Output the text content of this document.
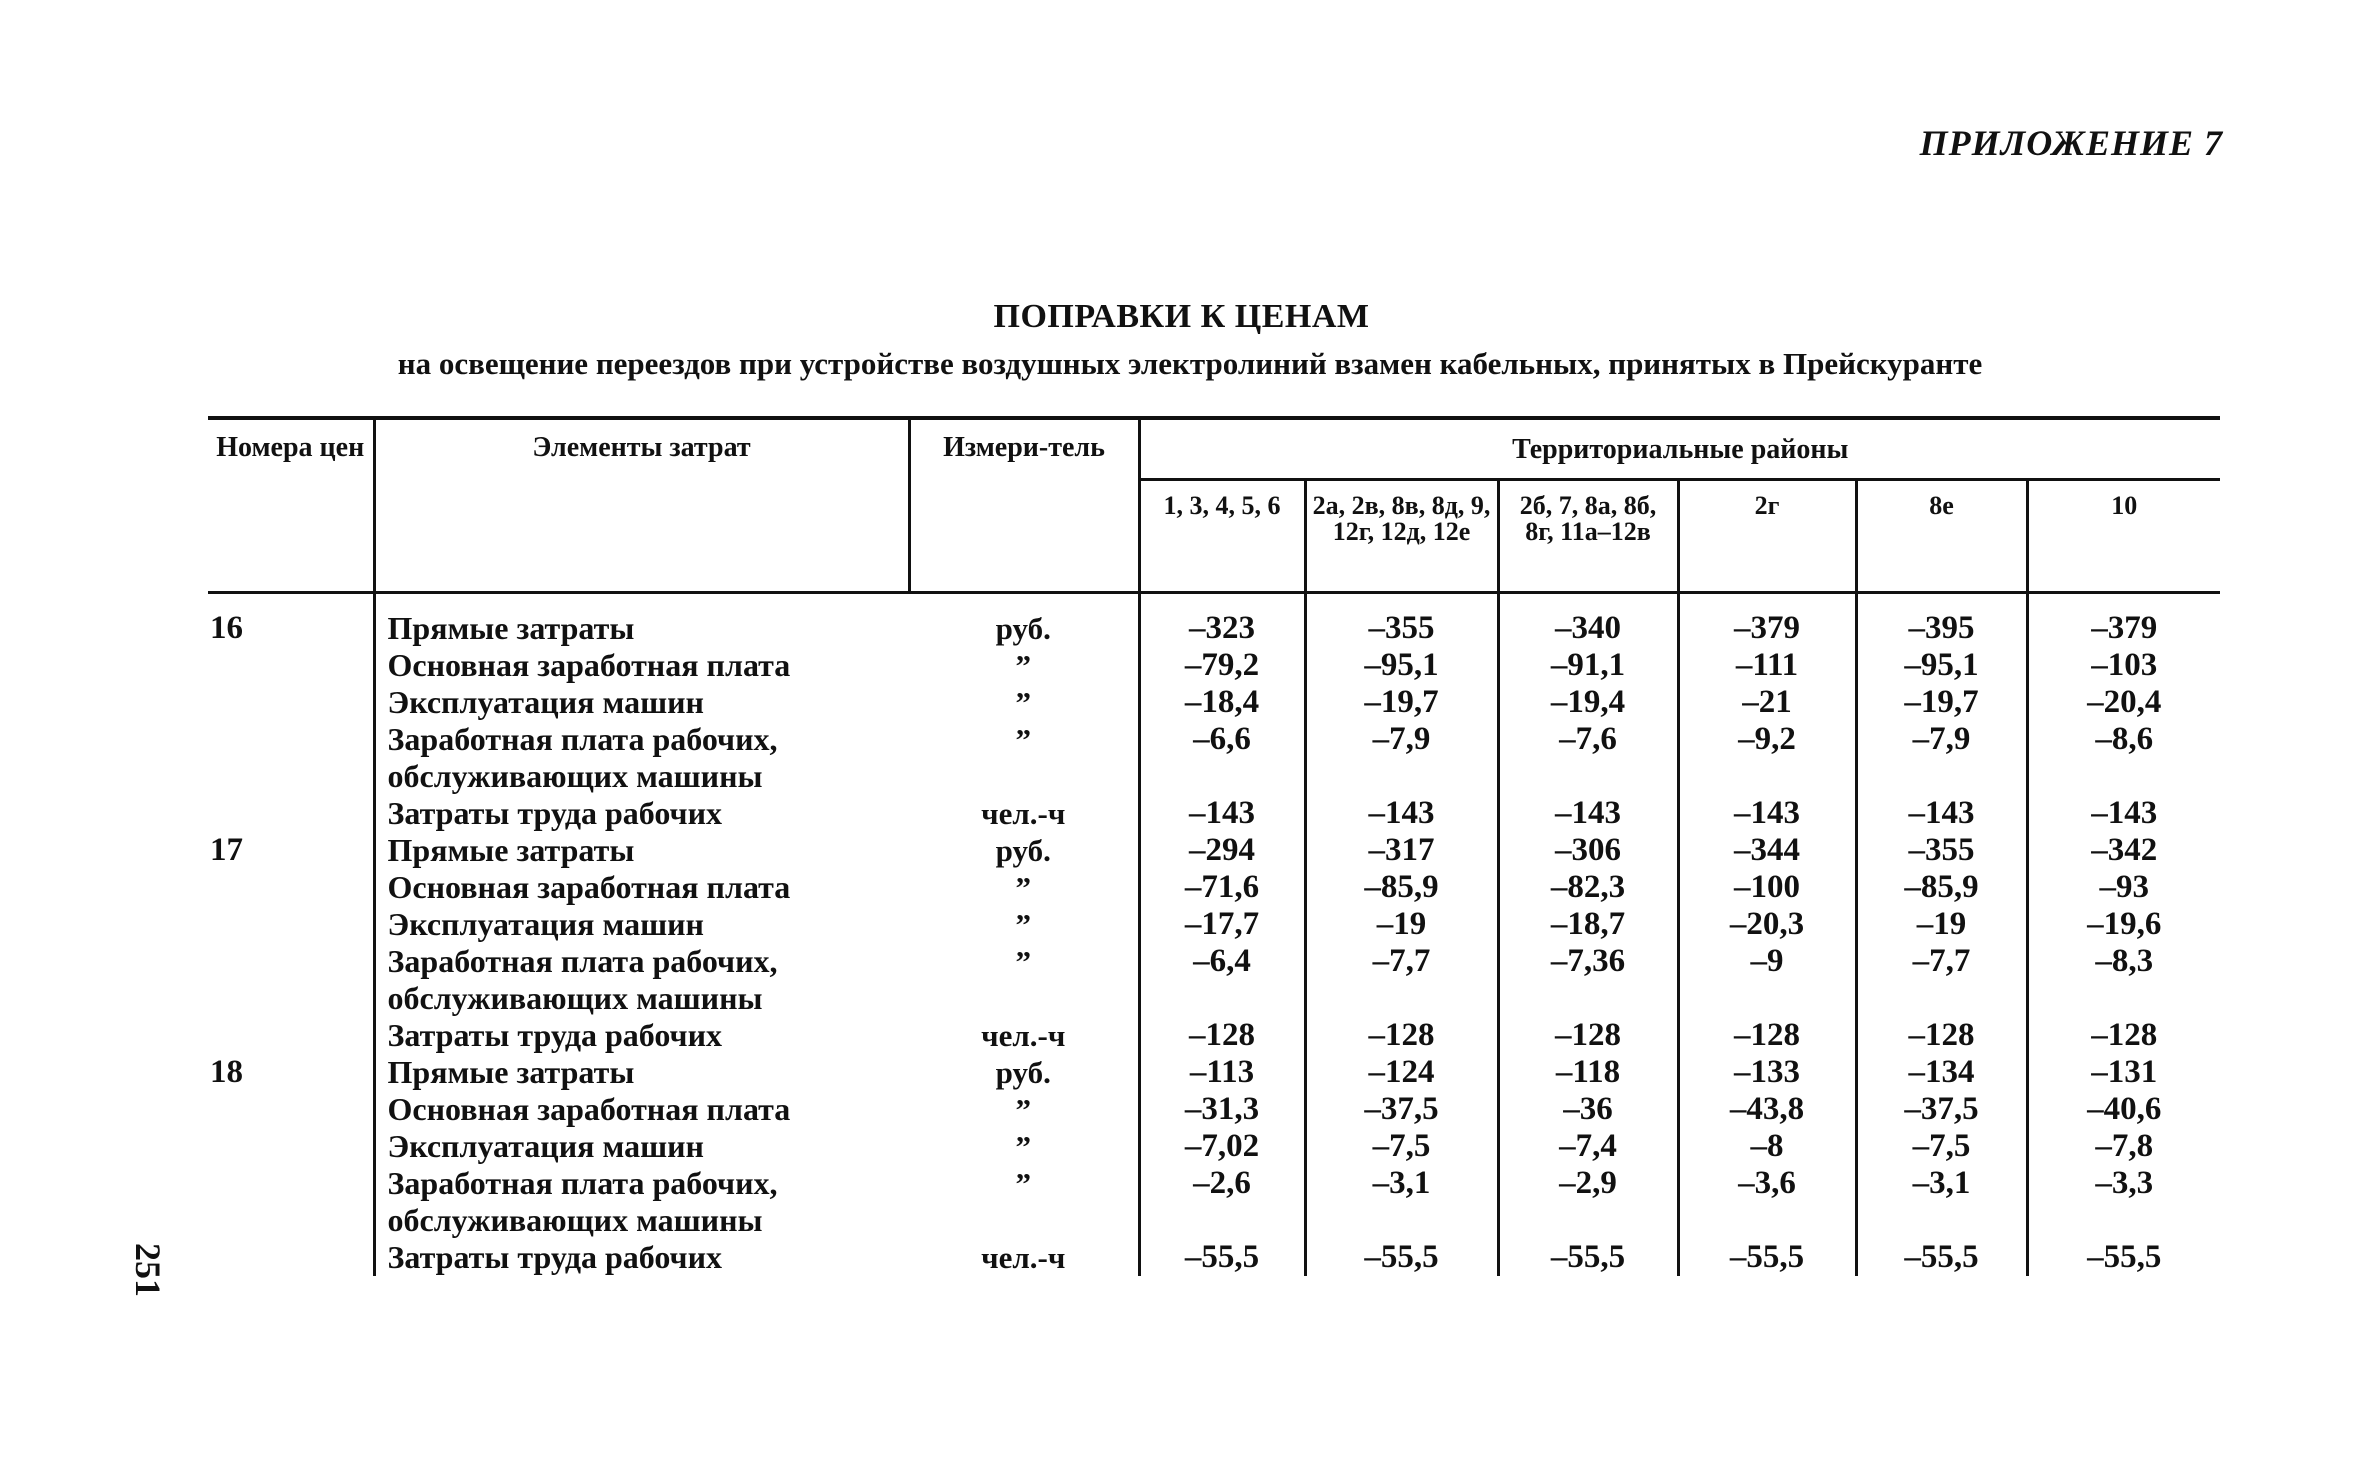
ПРИЛОЖЕНИЕ 7
ПОПРАВКИ К ЦЕНАМ
на освещение переездов при устройстве воздушных электролиний взамен кабельных, принятых в Прейскуранте
Номера цен	Элементы затрат	Измери-тель	Территориальные районы					
			1, 3, 4, 5, 6	2а, 2в, 8в, 8д, 9, 12г, 12д, 12е	2б, 7, 8а, 8б, 8г, 11а–12в	2г	8е	10
16	Прямые затраты	руб.	–323	–355	–340	–379	–395	–379
	Основная заработная плата	”	–79,2	–95,1	–91,1	–111	–95,1	–103
	Эксплуатация машин	”	–18,4	–19,7	–19,4	–21	–19,7	–20,4
	Заработная плата рабочих,	”	–6,6	–7,9	–7,6	–9,2	–7,9	–8,6
	обслуживающих машины							
	Затраты труда рабочих	чел.-ч	–143	–143	–143	–143	–143	–143
17	Прямые затраты	руб.	–294	–317	–306	–344	–355	–342
	Основная заработная плата	”	–71,6	–85,9	–82,3	–100	–85,9	–93
	Эксплуатация машин	”	–17,7	–19	–18,7	–20,3	–19	–19,6
	Заработная плата рабочих,	”	–6,4	–7,7	–7,36	–9	–7,7	–8,3
	обслуживающих машины							
	Затраты труда рабочих	чел.-ч	–128	–128	–128	–128	–128	–128
18	Прямые затраты	руб.	–113	–124	–118	–133	–134	–131
	Основная заработная плата	”	–31,3	–37,5	–36	–43,8	–37,5	–40,6
	Эксплуатация машин	”	–7,02	–7,5	–7,4	–8	–7,5	–7,8
	Заработная плата рабочих,	”	–2,6	–3,1	–2,9	–3,6	–3,1	–3,3
	обслуживающих машины							
	Затраты труда рабочих	чел.-ч	–55,5	–55,5	–55,5	–55,5	–55,5	–55,5
251
